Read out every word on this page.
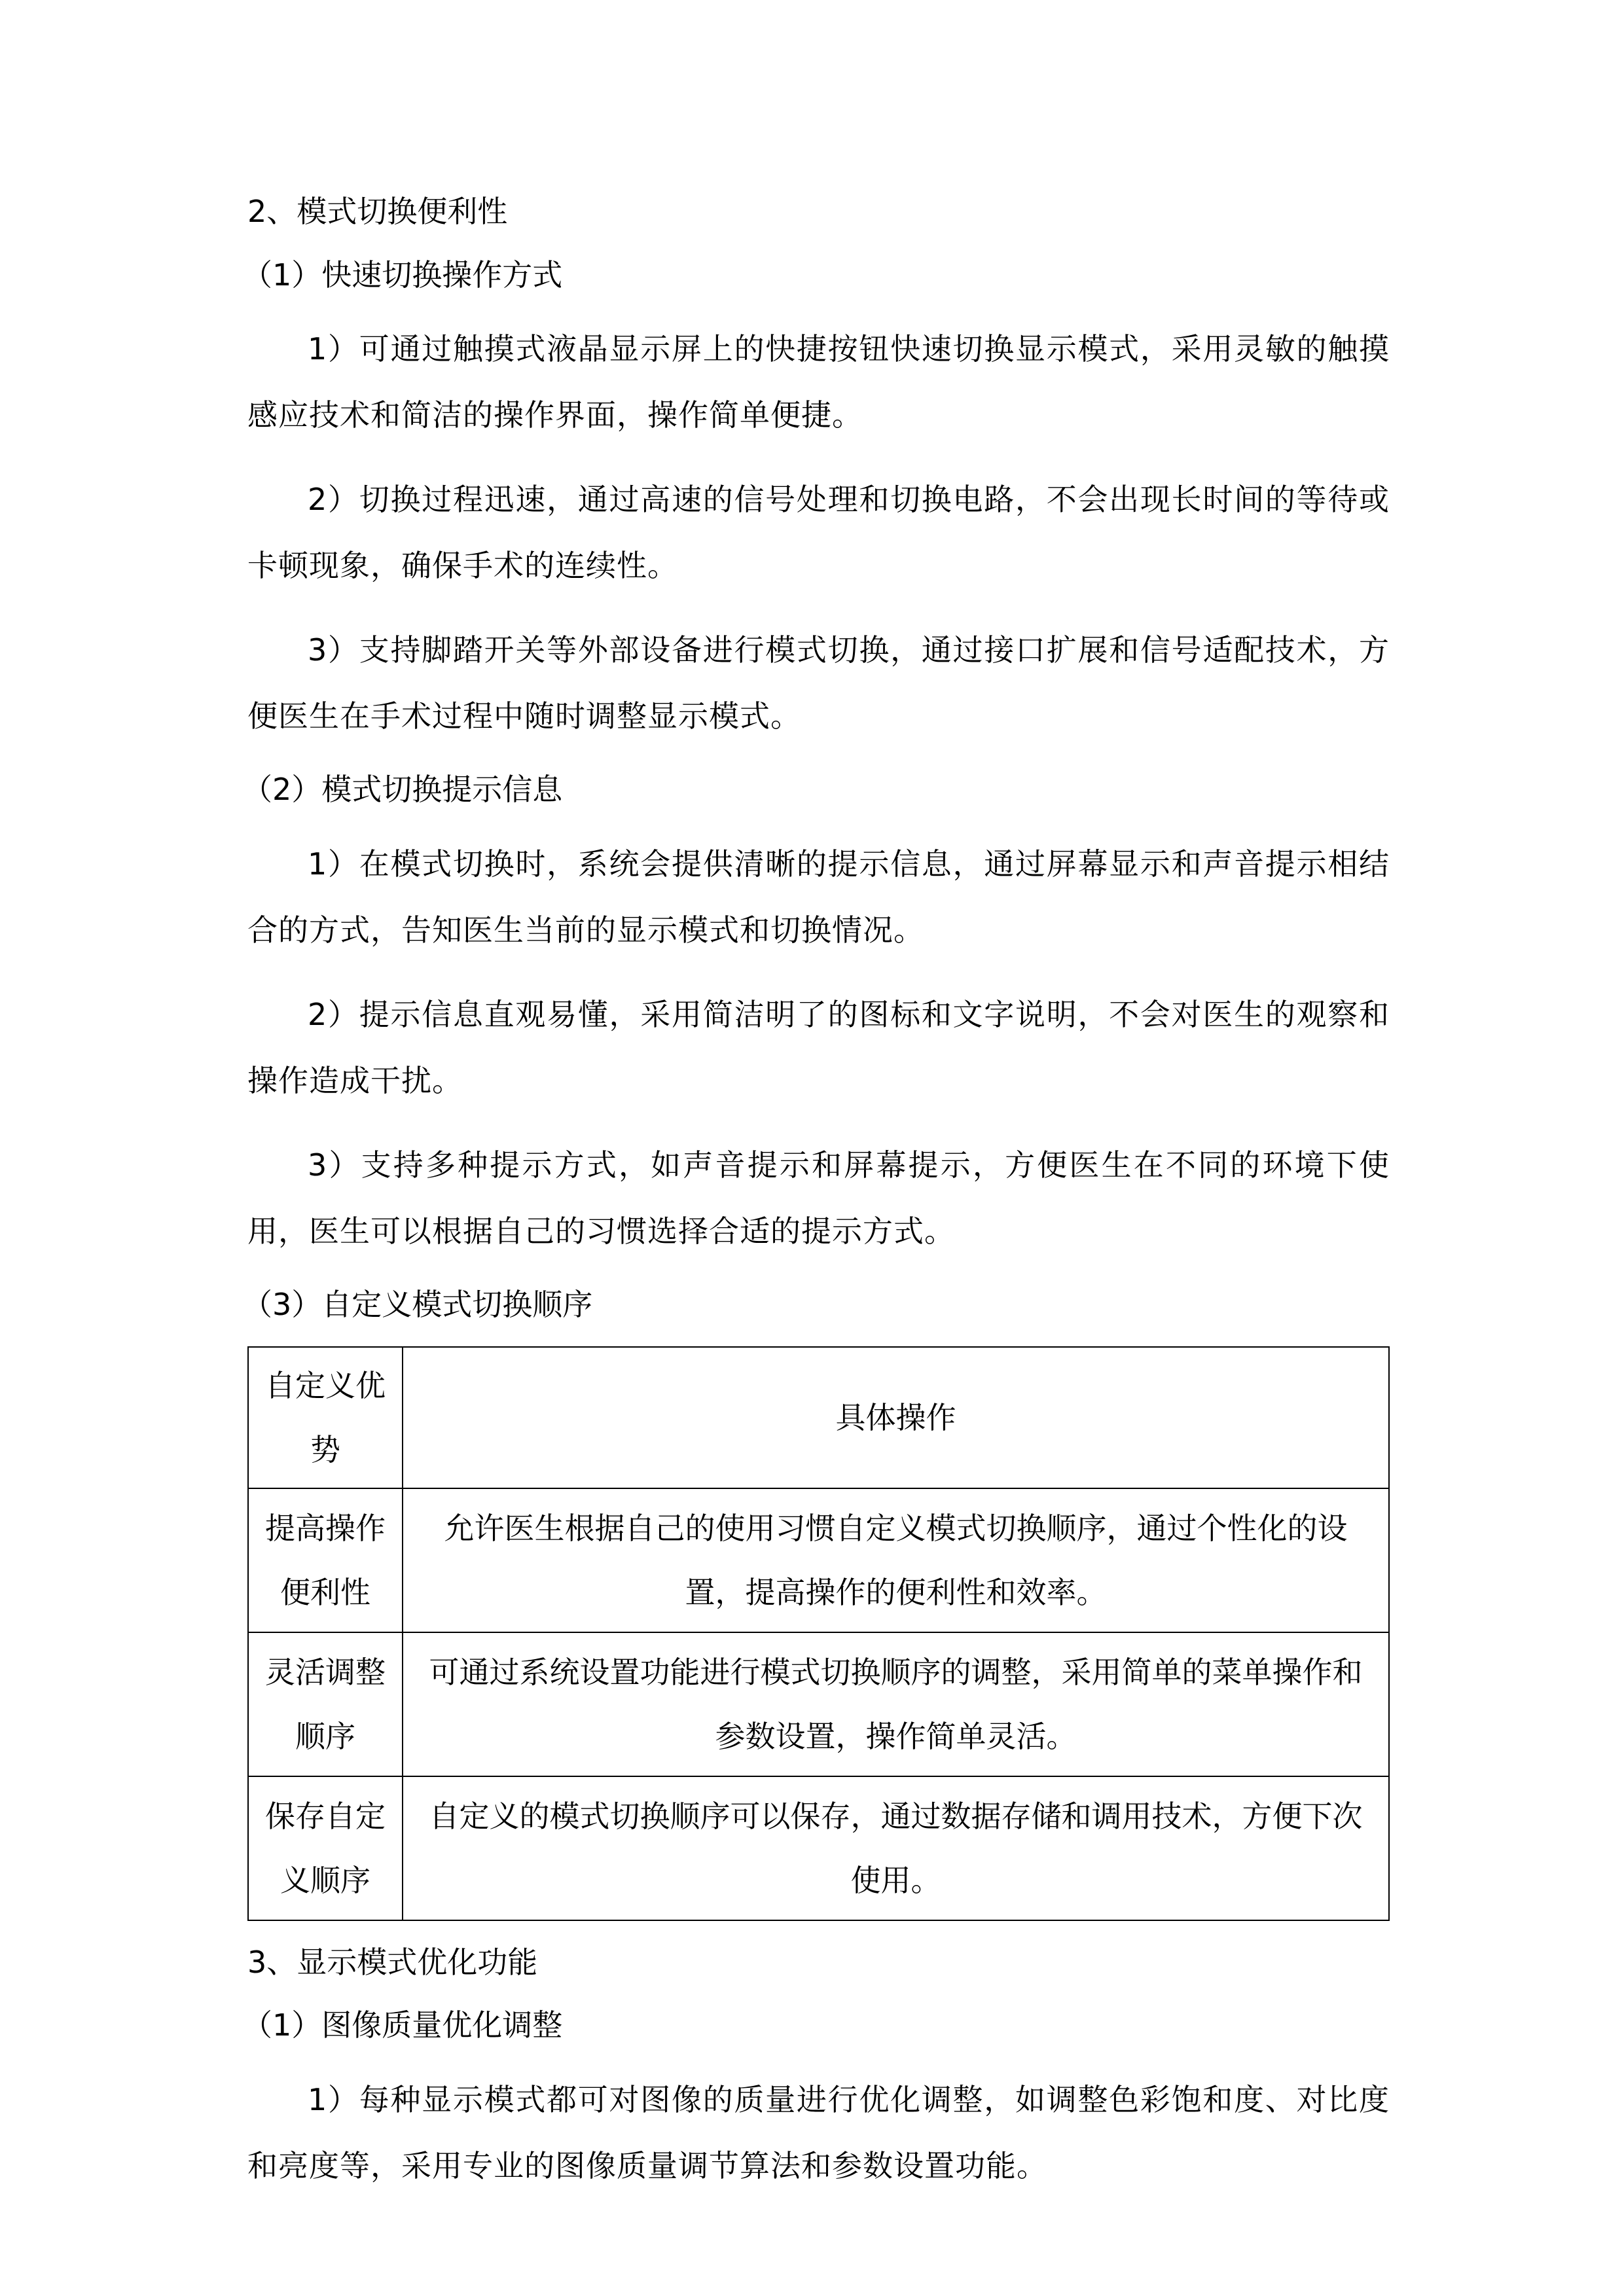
2、模式切换便利性
（1）快速切换操作方式
1）可通过触摸式液晶显示屏上的快捷按钮快速切换显示模式，采用灵敏的触摸感应技术和简洁的操作界面，操作简单便捷。
2）切换过程迅速，通过高速的信号处理和切换电路，不会出现长时间的等待或卡顿现象，确保手术的连续性。
3）支持脚踏开关等外部设备进行模式切换，通过接口扩展和信号适配技术，方便医生在手术过程中随时调整显示模式。
（2）模式切换提示信息
1）在模式切换时，系统会提供清晰的提示信息，通过屏幕显示和声音提示相结合的方式，告知医生当前的显示模式和切换情况。
2）提示信息直观易懂，采用简洁明了的图标和文字说明，不会对医生的观察和操作造成干扰。
3）支持多种提示方式，如声音提示和屏幕提示，方便医生在不同的环境下使用，医生可以根据自己的习惯选择合适的提示方式。
（3）自定义模式切换顺序
自定义优势	具体操作
提高操作便利性	允许医生根据自己的使用习惯自定义模式切换顺序，通过个性化的设置，提高操作的便利性和效率。
灵活调整顺序	可通过系统设置功能进行模式切换顺序的调整，采用简单的菜单操作和参数设置，操作简单灵活。
保存自定义顺序	自定义的模式切换顺序可以保存，通过数据存储和调用技术，方便下次使用。
3、显示模式优化功能
（1）图像质量优化调整
1）每种显示模式都可对图像的质量进行优化调整，如调整色彩饱和度、对比度和亮度等，采用专业的图像质量调节算法和参数设置功能。
